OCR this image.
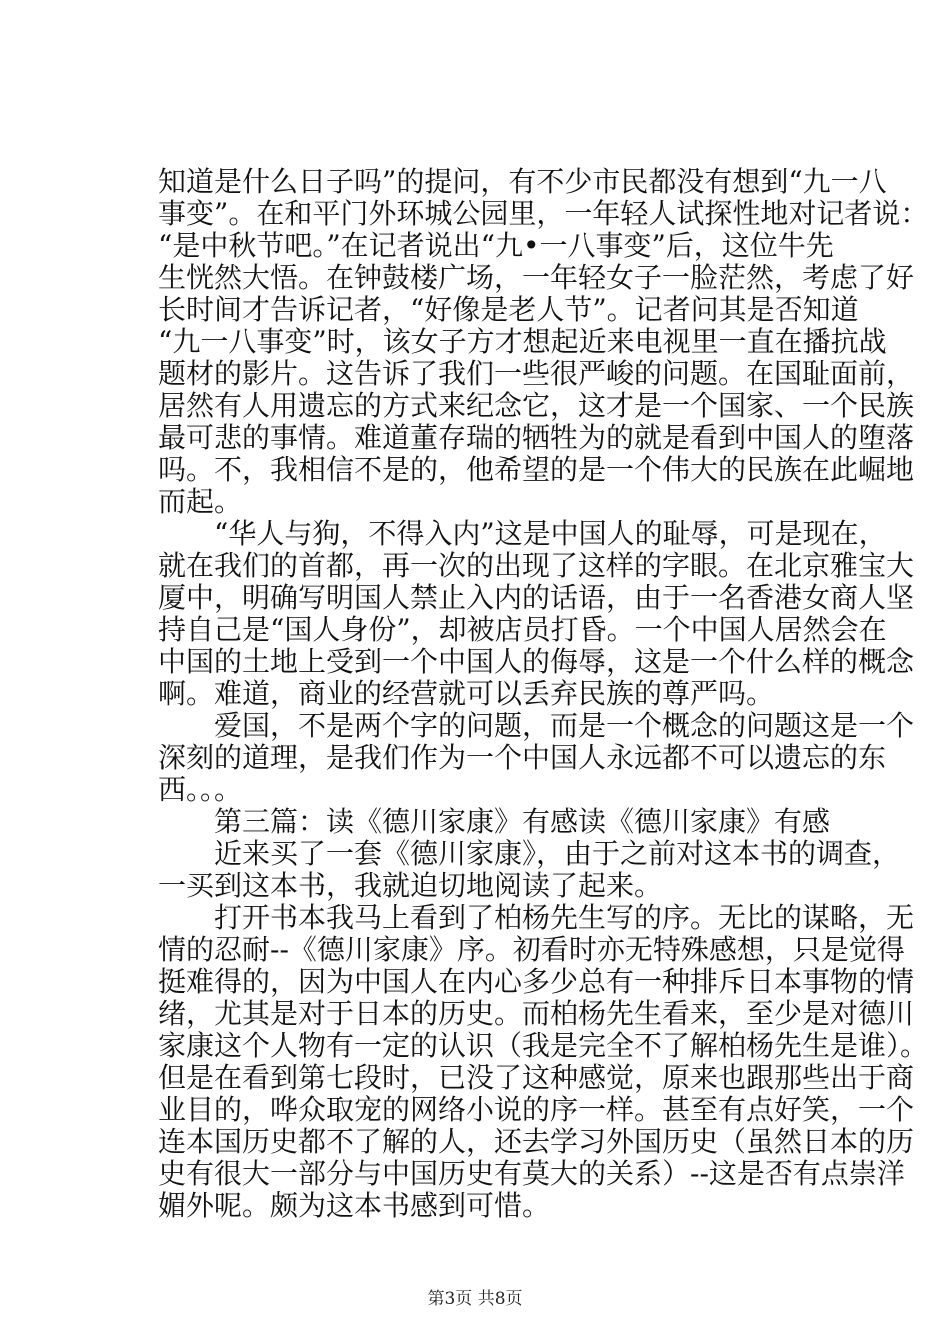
知道是什么日子吗”的提问，有不少市民都没有想到“九一八
事变”。在和平门外环城公园里，一年轻人试探性地对记者说：
“是中秋节吧。”在记者说出“九•一八事变”后，这位牛先
生恍然大悟。在钟鼓楼广场，一年轻女子一脸茫然，考虑了好
长时间才告诉记者，“好像是老人节”。记者问其是否知道
“九一八事变”时，该女子方才想起近来电视里一直在播抗战
题材的影片。这告诉了我们一些很严峻的问题。在国耻面前，
居然有人用遗忘的方式来纪念它，这才是一个国家、一个民族
最可悲的事情。难道董存瑞的牺牲为的就是看到中国人的堕落
吗。不，我相信不是的，他希望的是一个伟大的民族在此崛地
而起。
　　“华人与狗，不得入内”这是中国人的耻辱，可是现在，
就在我们的首都，再一次的出现了这样的字眼。在北京雅宝大
厦中，明确写明国人禁止入内的话语，由于一名香港女商人坚
持自己是“国人身份”，却被店员打昏。一个中国人居然会在
中国的土地上受到一个中国人的侮辱，这是一个什么样的概念
啊。难道，商业的经营就可以丢弃民族的尊严吗。
　　爱国，不是两个字的问题，而是一个概念的问题这是一个
深刻的道理，是我们作为一个中国人永远都不可以遗忘的东
西。。。
　　第三篇：读《德川家康》有感读《德川家康》有感
　　近来买了一套《德川家康》，由于之前对这本书的调查，
一买到这本书，我就迫切地阅读了起来。
　　打开书本我马上看到了柏杨先生写的序。无比的谋略，无
情的忍耐--《德川家康》序。初看时亦无特殊感想，只是觉得
挺难得的，因为中国人在内心多少总有一种排斥日本事物的情
绪，尤其是对于日本的历史。而柏杨先生看来，至少是对德川
家康这个人物有一定的认识（我是完全不了解柏杨先生是谁）。
但是在看到第七段时，已没了这种感觉，原来也跟那些出于商
业目的，哗众取宠的网络小说的序一样。甚至有点好笑，一个
连本国历史都不了解的人，还去学习外国历史（虽然日本的历
史有很大一部分与中国历史有莫大的关系）--这是否有点崇洋
媚外呢。颇为这本书感到可惜。
第3页 共8页
